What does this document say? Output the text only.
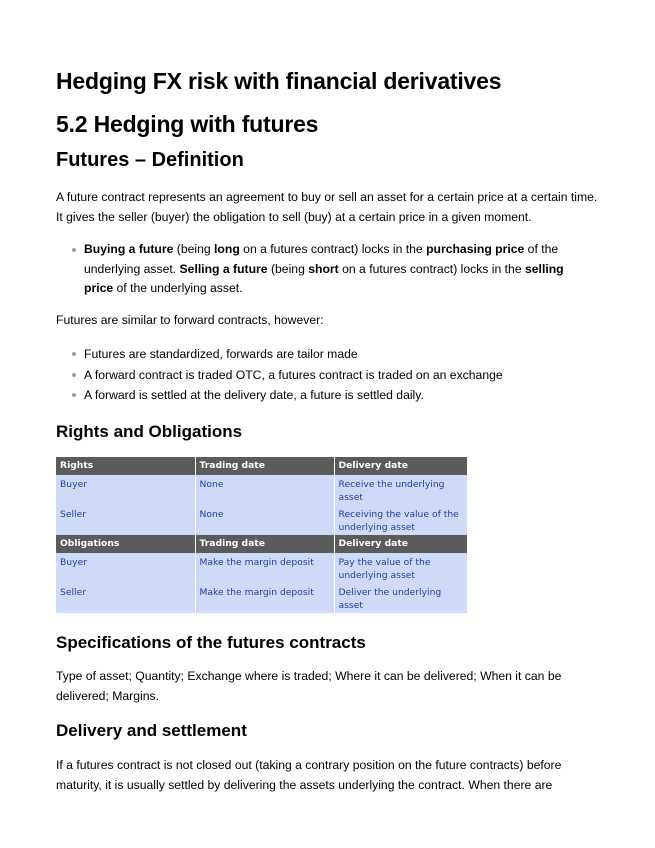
Hedging FX risk with financial derivatives
5.2 Hedging with futures
Futures – Definition

A future contract represents an agreement to buy or sell an asset for a certain price at a certain time. It gives the seller (buyer) the obligation to sell (buy) at a certain price in a given moment.

Buying a future (being long on a futures contract) locks in the purchasing price of the underlying asset. Selling a future (being short on a futures contract) locks in the selling price of the underlying asset.

Futures are similar to forward contracts, however:

Futures are standardized, forwards are tailor made
A forward contract is traded OTC, a futures contract is traded on an exchange
A forward is settled at the delivery date, a future is settled daily.
Rights and Obligations
Rights	Trading date	Delivery date
Buyer	None	Receive the underlying asset
Seller	None	Receiving the value of the underlying asset
Obligations	Trading date	Delivery date
Buyer	Make the margin deposit	Pay the value of the underlying asset
Seller	Make the margin deposit	Deliver the underlying asset
Specifications of the futures contracts

Type of asset; Quantity; Exchange where is traded; Where it can be delivered; When it can be delivered; Margins.

Delivery and settlement

If a futures contract is not closed out (taking a contrary position on the future contracts) before maturity, it is usually settled by delivering the assets underlying the contract. When there are
